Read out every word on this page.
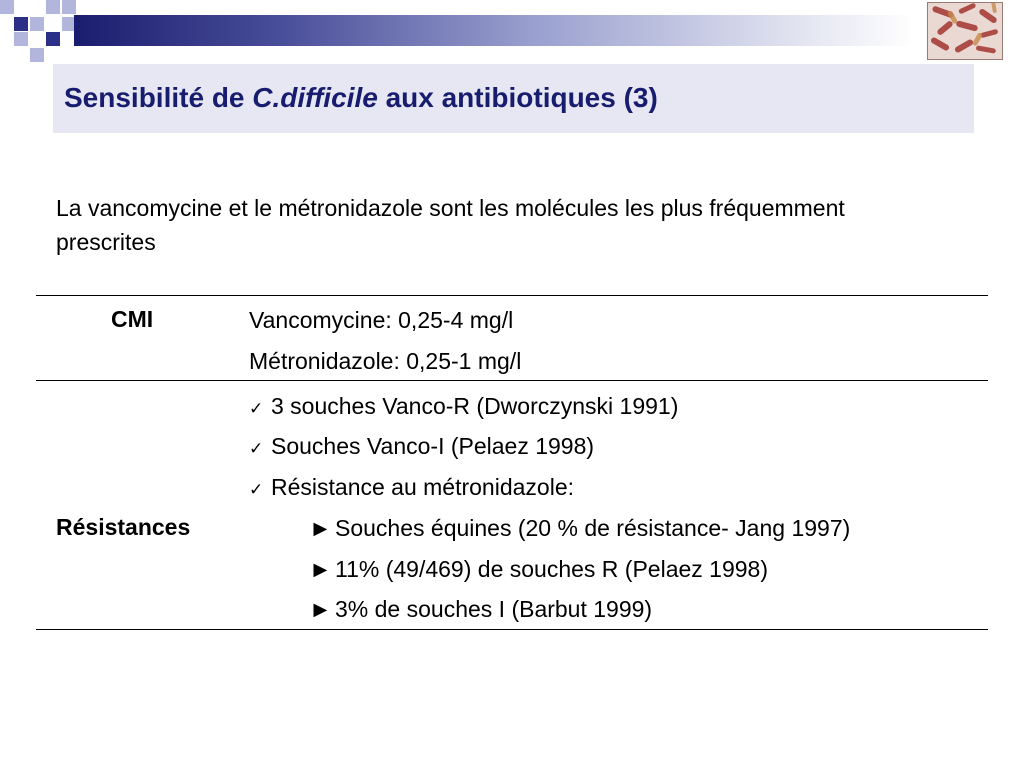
Sensibilité de C.difficile aux antibiotiques (3)

La vancomycine et le métronidazole sont les molécules les plus fréquemment prescrites

CMI	Vancomycine: 0,25-4 mg/l
Métronidazole: 0,25-1 mg/l
✓ 3 souches Vanco-R (Dworczynski 1991)
✓ Souches Vanco-I (Pelaez 1998)
✓ Résistance au métronidazole:
Résistances	► Souches équines (20 % de résistance- Jang 1997)
► 11% (49/469) de souches R (Pelaez 1998)
► 3% de souches I (Barbut 1999)
